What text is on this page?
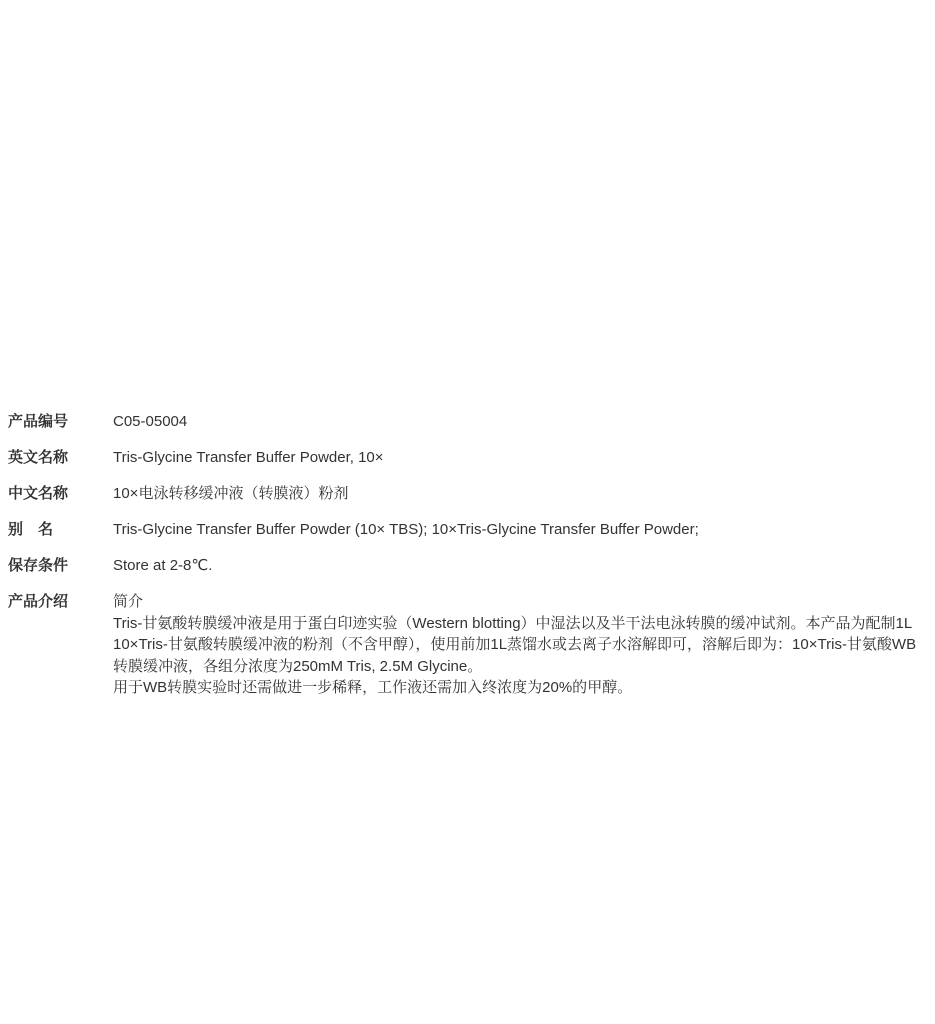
产品编号	C05-05004
英文名称	Tris-Glycine Transfer Buffer Powder, 10×
中文名称	10×电泳转移缓冲液（转膜液）粉剂
别　名	Tris-Glycine Transfer Buffer Powder (10× TBS); 10×Tris-Glycine Transfer Buffer Powder;
保存条件	Store at 2-8℃.
产品介绍	简介
Tris-甘氨酸转膜缓冲液是用于蛋白印迹实验（Western blotting）中湿法以及半干法电泳转膜的缓冲试剂。本产品为配制1L 10×Tris-甘氨酸转膜缓冲液的粉剂（不含甲醇），使用前加1L蒸馏水或去离子水溶解即可，溶解后即为：10×Tris-甘氨酸WB转膜缓冲液，各组分浓度为250mM Tris, 2.5M Glycine。
用于WB转膜实验时还需做进一步稀释，工作液还需加入终浓度为20%的甲醇。
